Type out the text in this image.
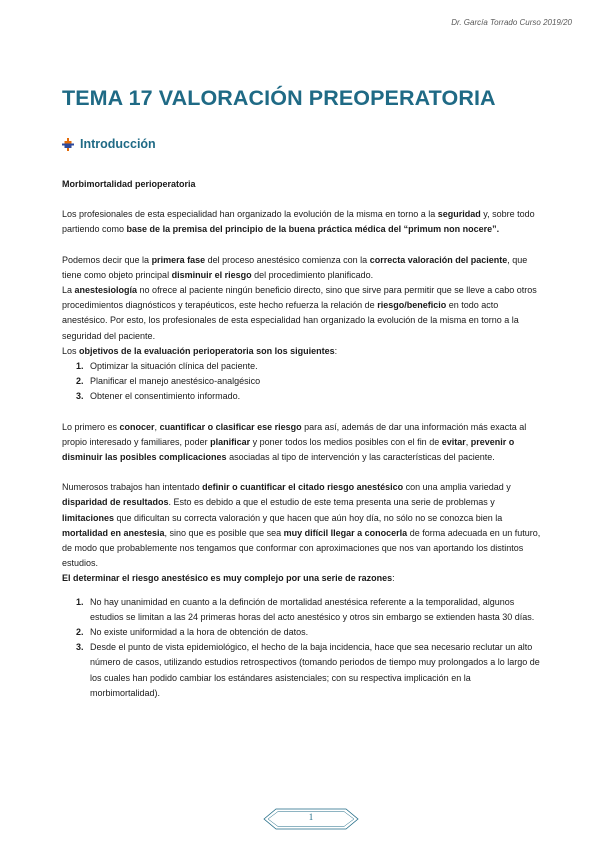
Dr. García Torrado Curso 2019/20
TEMA 17 VALORACIÓN PREOPERATORIA
Introducción

Morbimortalidad perioperatoria

Los profesionales de esta especialidad han organizado la evolución de la misma en torno a la seguridad y, sobre todo partiendo como base de la premisa del principio de la buena práctica médica del “primum non nocere”.

Podemos decir que la primera fase del proceso anestésico comienza con la correcta valoración del paciente, que tiene como objeto principal disminuir el riesgo del procedimiento planificado.

La anestesiología no ofrece al paciente ningún beneficio directo, sino que sirve para permitir que se lleve a cabo otros procedimientos diagnósticos y terapéuticos, este hecho refuerza la relación de riesgo/beneficio en todo acto anestésico. Por esto, los profesionales de esta especialidad han organizado la evolución de la misma en torno a la seguridad del paciente.

Los objetivos de la evaluación perioperatoria son los siguientes:

1. Optimizar la situación clínica del paciente.
2. Planificar el manejo anestésico-analgésico
3. Obtener el consentimiento informado.

Lo primero es conocer, cuantificar o clasificar ese riesgo para así, además de dar una información más exacta al propio interesado y familiares, poder planificar y poner todos los medios posibles con el fin de evitar, prevenir o disminuir las posibles complicaciones asociadas al tipo de intervención y las características del paciente.

Numerosos trabajos han intentado definir o cuantificar el citado riesgo anestésico con una amplia variedad y disparidad de resultados. Esto es debido a que el estudio de este tema presenta una serie de problemas y limitaciones que dificultan su correcta valoración y que hacen que aún hoy día, no sólo no se conozca bien la mortalidad en anestesia, sino que es posible que sea muy difícil llegar a conocerla de forma adecuada en un futuro, de modo que probablemente nos tengamos que conformar con aproximaciones que nos van aportando los distintos estudios.

El determinar el riesgo anestésico es muy complejo por una serie de razones:

1. No hay unanimidad en cuanto a la definción de mortalidad anestésica referente a la temporalidad, algunos estudios se limitan a las 24 primeras horas del acto anestésico y otros sin embargo se extienden hasta 30 días.
2. No existe uniformidad a la hora de obtención de datos.
3. Desde el punto de vista epidemiológico, el hecho de la baja incidencia, hace que sea necesario reclutar un alto número de casos, utilizando estudios retrospectivos (tomando periodos de tiempo muy prolongados a lo largo de los cuales han podido cambiar los estándares asistenciales; con su respectiva implicación en la morbimortalidad).
1
